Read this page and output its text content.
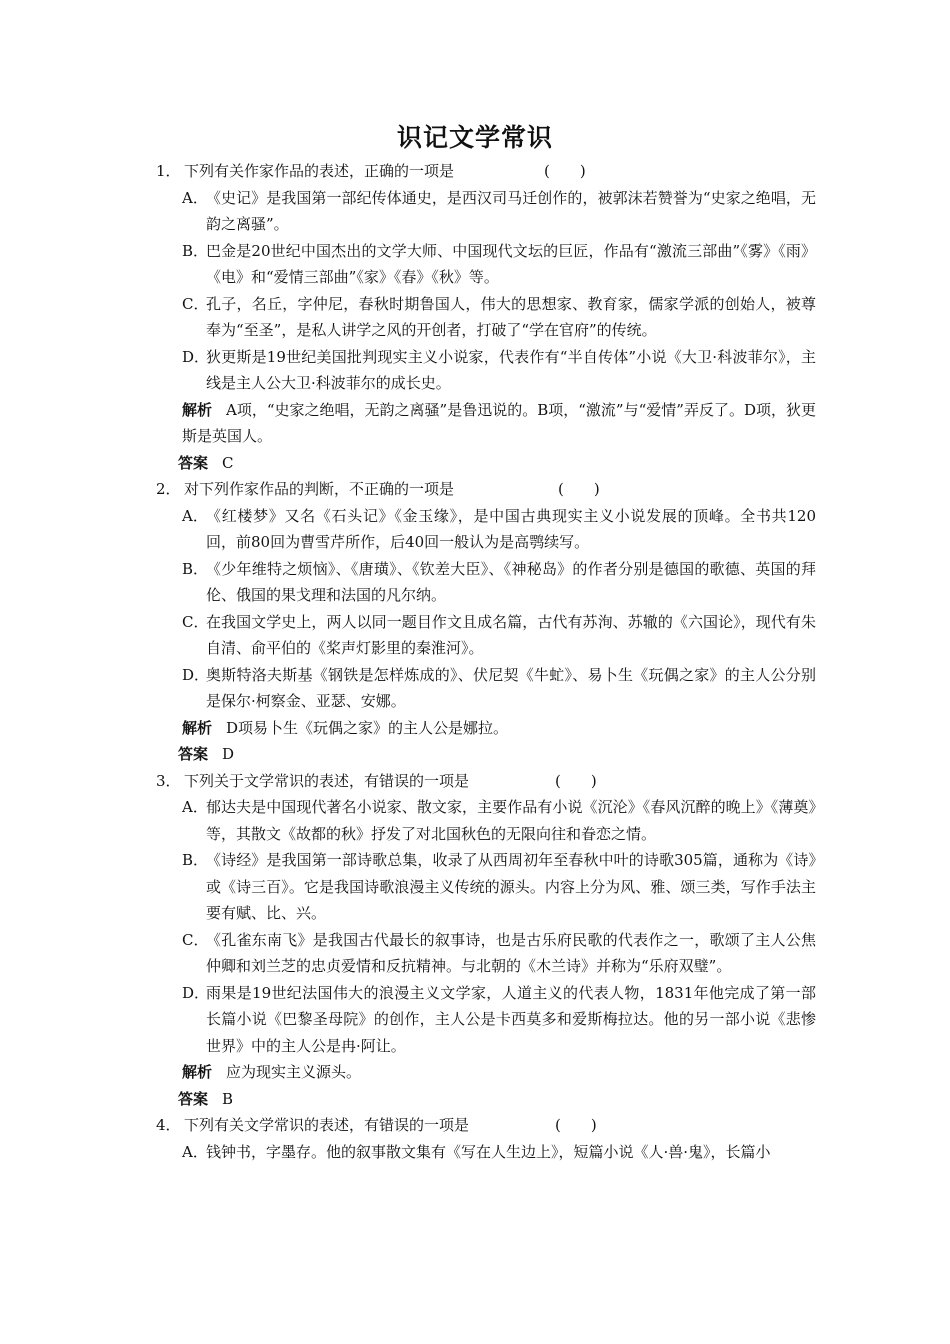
识记文学常识
1． 下列有关作家作品的表述，正确的一项是	(　　)
A．
《史记》是我国第一部纪传体通史，是西汉司马迁创作的，被郭沫若赞誉为“史家之绝唱，无韵之离骚”。
B．
巴金是20世纪中国杰出的文学大师、中国现代文坛的巨匠，作品有“激流三部曲”《雾》《雨》《电》和“爱情三部曲”《家》《春》《秋》等。
C．
孔子，名丘，字仲尼，春秋时期鲁国人，伟大的思想家、教育家，儒家学派的创始人，被尊奉为“至圣”，是私人讲学之风的开创者，打破了“学在官府”的传统。
D．
狄更斯是19世纪美国批判现实主义小说家，代表作有“半自传体”小说《大卫·科波菲尔》，主线是主人公大卫·科波菲尔的成长史。
解析 A项，“史家之绝唱，无韵之离骚”是鲁迅说的。B项，“激流”与“爱情”弄反了。D项，狄更斯是英国人。
答案 C
2． 对下列作家作品的判断，不正确的一项是	(　　)
A．
《红楼梦》又名《石头记》《金玉缘》，是中国古典现实主义小说发展的顶峰。全书共120回，前80回为曹雪芹所作，后40回一般认为是高鹗续写。
B．
《少年维特之烦恼》、《唐璜》、《钦差大臣》、《神秘岛》的作者分别是德国的歌德、英国的拜伦、俄国的果戈理和法国的凡尔纳。
C．
在我国文学史上，两人以同一题目作文且成名篇，古代有苏洵、苏辙的《六国论》，现代有朱自清、俞平伯的《桨声灯影里的秦淮河》。
D．
奥斯特洛夫斯基《钢铁是怎样炼成的》、伏尼契《牛虻》、易卜生《玩偶之家》的主人公分别是保尔·柯察金、亚瑟、安娜。
解析 D项易卜生《玩偶之家》的主人公是娜拉。
答案 D
3． 下列关于文学常识的表述，有错误的一项是	(　　)
A．
郁达夫是中国现代著名小说家、散文家，主要作品有小说《沉沦》《春风沉醉的晚上》《薄奠》等，其散文《故都的秋》抒发了对北国秋色的无限向往和眷恋之情。
B．
《诗经》是我国第一部诗歌总集，收录了从西周初年至春秋中叶的诗歌305篇，通称为《诗》或《诗三百》。它是我国诗歌浪漫主义传统的源头。内容上分为风、雅、颂三类，写作手法主要有赋、比、兴。
C．
《孔雀东南飞》是我国古代最长的叙事诗，也是古乐府民歌的代表作之一，歌颂了主人公焦仲卿和刘兰芝的忠贞爱情和反抗精神。与北朝的《木兰诗》并称为“乐府双璧”。
D．
雨果是19世纪法国伟大的浪漫主义文学家，人道主义的代表人物，1831年他完成了第一部长篇小说《巴黎圣母院》的创作，主人公是卡西莫多和爱斯梅拉达。他的另一部小说《悲惨世界》中的主人公是冉·阿让。
解析 应为现实主义源头。
答案 B
4． 下列有关文学常识的表述，有错误的一项是	(　　)
A．
钱钟书，字墨存。他的叙事散文集有《写在人生边上》，短篇小说《人·兽·鬼》，长篇小
